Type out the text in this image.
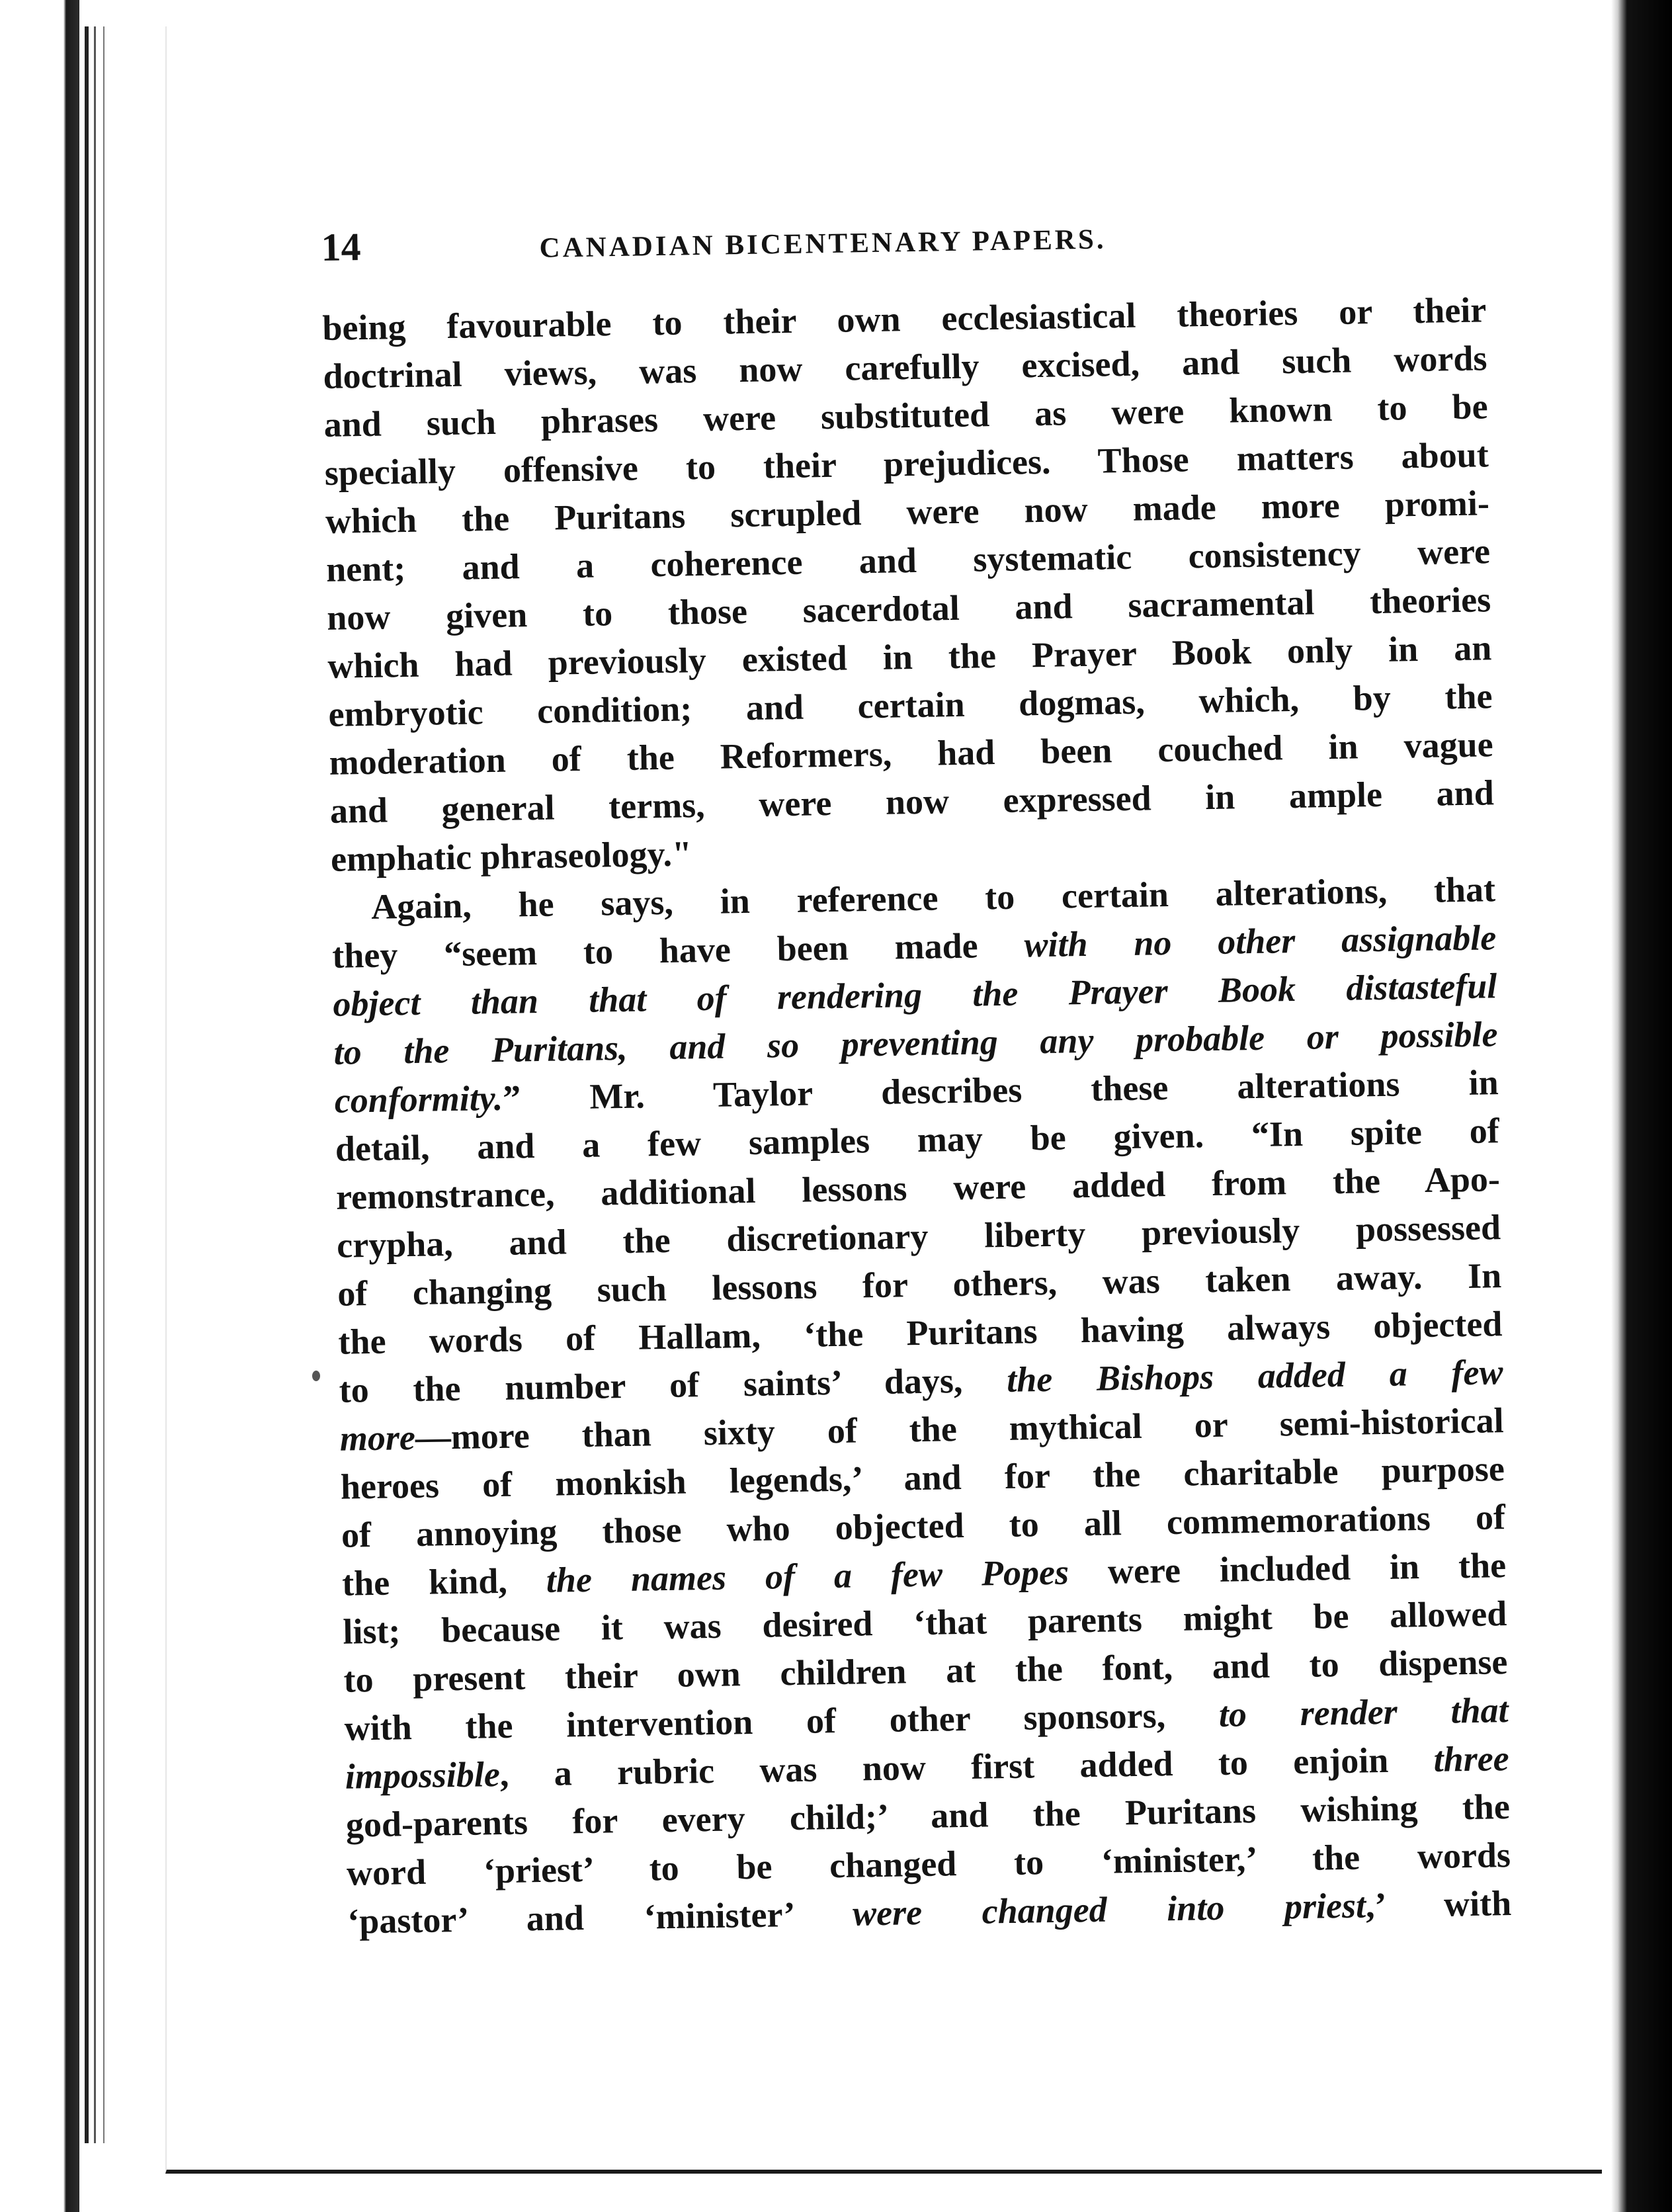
14	CANADIAN BICENTENARY PAPERS.

being favourable to their own ecclesiastical theories or their
doctrinal views, was now carefully excised, and such words
and such phrases were substituted as were known to be
specially offensive to their prejudices. Those matters about
which the Puritans scrupled were now made more promi-
nent; and a coherence and systematic consistency were
now given to those sacerdotal and sacramental theories
which had previously existed in the Prayer Book only in an
embryotic condition; and certain dogmas, which, by the
moderation of the Reformers, had been couched in vague
and general terms, were now expressed in ample and
emphatic phraseology."

Again, he says, in reference to certain alterations, that
they “seem to have been made with no other assignable
object than that of rendering the Prayer Book distasteful
to the Puritans, and so preventing any probable or possible
conformity.” Mr. Taylor describes these alterations in
detail, and a few samples may be given. “In spite of
remonstrance, additional lessons were added from the Apo-
crypha, and the discretionary liberty previously possessed
of changing such lessons for others, was taken away. In
the words of Hallam, ‘the Puritans having always objected
to the number of saints’ days, the Bishops added a few
more—more than sixty of the mythical or semi-historical
heroes of monkish legends,’ and for the charitable purpose
of annoying those who objected to all commemorations of
the kind, the names of a few Popes were included in the
list; because it was desired ‘that parents might be allowed
to present their own children at the font, and to dispense
with the intervention of other sponsors, to render that
impossible, a rubric was now first added to enjoin three
god-parents for every child;’ and the Puritans wishing the
word ‘priest’ to be changed to ‘minister,’ the words
‘pastor’ and ‘minister’ were changed into priest,’ with
